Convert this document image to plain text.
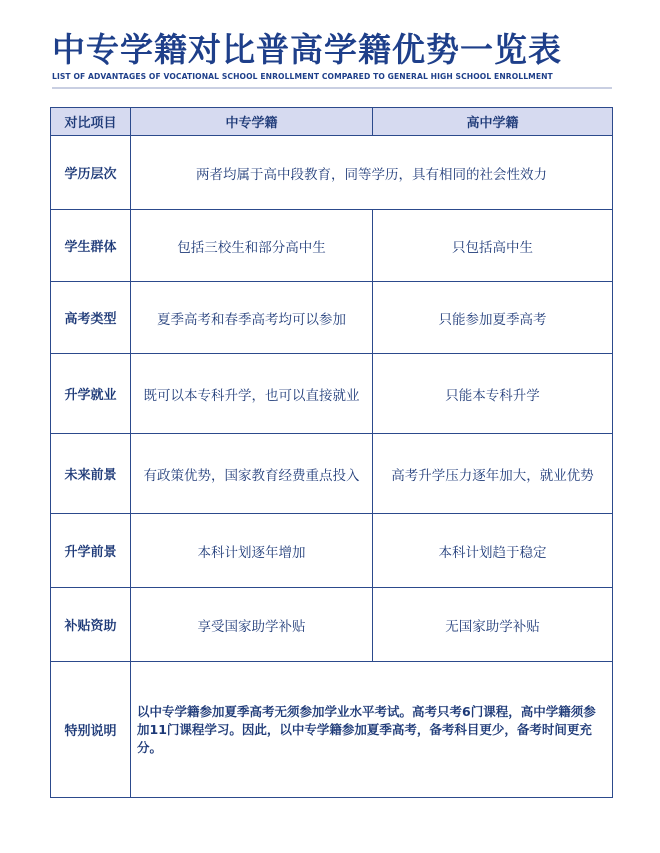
中专学籍对比普高学籍优势一览表
LIST OF ADVANTAGES OF VOCATIONAL SCHOOL ENROLLMENT COMPARED TO GENERAL HIGH SCHOOL ENROLLMENT
对比项目	中专学籍	高中学籍
学历层次	两者均属于高中段教育，同等学历，具有相同的社会性效力	
学生群体	包括三校生和部分高中生	只包括高中生
高考类型	夏季高考和春季高考均可以参加	只能参加夏季高考
升学就业	既可以本专科升学，也可以直接就业	只能本专科升学
未来前景	有政策优势，国家教育经费重点投入	高考升学压力逐年加大，就业优势
升学前景	本科计划逐年增加	本科计划趋于稳定
补贴资助	享受国家助学补贴	无国家助学补贴
特别说明	以中专学籍参加夏季高考无须参加学业水平考试。高考只考6门课程，高中学籍须参加11门课程学习。因此，以中专学籍参加夏季高考，备考科目更少，备考时间更充分。	
